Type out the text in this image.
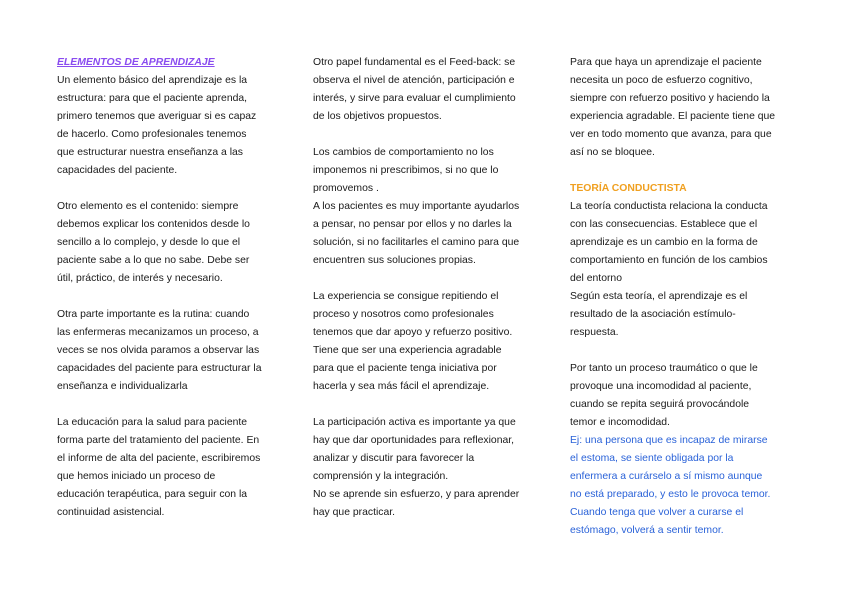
ELEMENTOS DE APRENDIZAJE

Un elemento básico del aprendizaje es la
estructura: para que el paciente aprenda,
primero tenemos que averiguar si es capaz
de hacerlo. Como profesionales tenemos
que estructurar nuestra enseñanza a las
capacidades del paciente.

Otro elemento es el contenido: siempre
debemos explicar los contenidos desde lo
sencillo a lo complejo, y desde lo que el
paciente sabe a lo que no sabe. Debe ser
útil, práctico, de interés y necesario.

Otra parte importante es la rutina: cuando
las enfermeras mecanizamos un proceso, a
veces se nos olvida paramos a observar las
capacidades del paciente para estructurar la
enseñanza e individualizarla

La educación para la salud para paciente
forma parte del tratamiento del paciente. En
el informe de alta del paciente, escribiremos
que hemos iniciado un proceso de
educación terapéutica, para seguir con la
continuidad asistencial.

Otro papel fundamental es el Feed-back: se
observa el nivel de atención, participación e
interés, y sirve para evaluar el cumplimiento
de los objetivos propuestos.

Los cambios de comportamiento no los
imponemos ni prescribimos, si no que lo
promovemos .

A los pacientes es muy importante ayudarlos
a pensar, no pensar por ellos y no darles la
solución, si no facilitarles el camino para que
encuentren sus soluciones propias.

La experiencia se consigue repitiendo el
proceso y nosotros como profesionales
tenemos que dar apoyo y refuerzo positivo.
Tiene que ser una experiencia agradable
para que el paciente tenga iniciativa por
hacerla y sea más fácil el aprendizaje.

La participación activa es importante ya que
hay que dar oportunidades para reflexionar,
analizar y discutir para favorecer la
comprensión y la integración.

No se aprende sin esfuerzo, y para aprender
hay que practicar.

Para que haya un aprendizaje el paciente
necesita un poco de esfuerzo cognitivo,
siempre con refuerzo positivo y haciendo la
experiencia agradable. El paciente tiene que
ver en todo momento que avanza, para que
así no se bloquee.

TEORÍA CONDUCTISTA

La teoría conductista relaciona la conducta
con las consecuencias. Establece que el
aprendizaje es un cambio en la forma de
comportamiento en función de los cambios
del entorno

Según esta teoría, el aprendizaje es el
resultado de la asociación estímulo-
respuesta.

Por tanto un proceso traumático o que le
provoque una incomodidad al paciente,
cuando se repita seguirá provocándole
temor e incomodidad.

Ej: una persona que es incapaz de mirarse
el estoma, se siente obligada por la
enfermera a curárselo a sí mismo aunque
no está preparado, y esto le provoca temor.
Cuando tenga que volver a curarse el
estómago, volverá a sentir temor.
